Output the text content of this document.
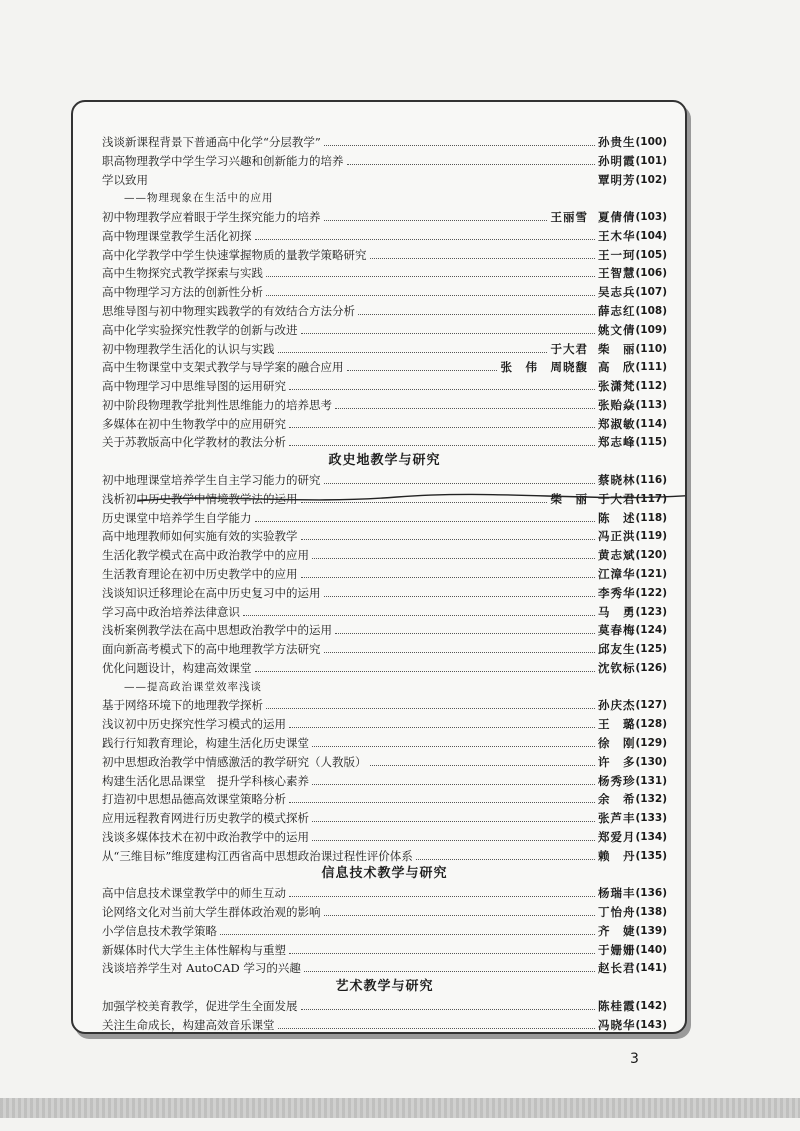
浅谈新课程背景下普通高中化学“分层教学”	孙贵生 (100)
职高物理教学中学生学习兴趣和创新能力的培养	孙明霞 (101)
学以致用	覃明芳 (102)
——物理现象在生活中的应用
初中物理教学应着眼于学生探究能力的培养	王丽雪 夏倩倩 (103)
高中物理课堂教学生活化初探	王木华 (104)
高中化学教学中学生快速掌握物质的量教学策略研究	王一珂 (105)
高中生物探究式教学探索与实践	王智慧 (106)
高中物理学习方法的创新性分析	吴志兵 (107)
思维导图与初中物理实践教学的有效结合方法分析	薛志红 (108)
高中化学实验探究性教学的创新与改进	姚文倩 (109)
初中物理教学生活化的认识与实践	于大君 柴　丽 (110)
高中生物课堂中支架式教学与导学案的融合应用	张　伟　周晓馥 高　欣 (111)
高中物理学习中思维导图的运用研究	张潇梵 (112)
初中阶段物理教学批判性思维能力的培养思考	张贻焱 (113)
多媒体在初中生物教学中的应用研究	郑淑敏 (114)
关于苏教版高中化学教材的教法分析	郑志峰 (115)
政史地教学与研究
初中地理课堂培养学生自主学习能力的研究	蔡晓林 (116)
浅析初中历史教学中情境教学法的运用	柴　丽 于大君 (117)
历史课堂中培养学生自学能力	陈　述 (118)
高中地理教师如何实施有效的实验教学	冯正洪 (119)
生活化教学模式在高中政治教学中的应用	黄志斌 (120)
生活教育理论在初中历史教学中的应用	江漳华 (121)
浅谈知识迁移理论在高中历史复习中的运用	李秀华 (122)
学习高中政治培养法律意识	马　勇 (123)
浅析案例教学法在高中思想政治教学中的运用	莫春梅 (124)
面向新高考模式下的高中地理教学方法研究	邱友生 (125)
优化问题设计，构建高效课堂	沈钦标 (126)
——提高政治课堂效率浅谈
基于网络环境下的地理教学探析	孙庆杰 (127)
浅议初中历史探究性学习模式的运用	王　璐 (128)
践行行知教育理论，构建生活化历史课堂	徐　刚 (129)
初中思想政治教学中情感激活的教学研究（人教版）	许　多 (130)
构建生活化思品课堂　提升学科核心素养	杨秀珍 (131)
打造初中思想品德高效课堂策略分析	余　希 (132)
应用远程教育网进行历史教学的模式探析	张芦丰 (133)
浅谈多媒体技术在初中政治教学中的运用	郑爱月 (134)
从“三维目标”维度建构江西省高中思想政治课过程性评价体系	赖　丹 (135)
信息技术教学与研究
高中信息技术课堂教学中的师生互动	杨瑞丰 (136)
论网络文化对当前大学生群体政治观的影响	丁怡舟 (138)
小学信息技术教学策略	齐　婕 (139)
新媒体时代大学生主体性解构与重塑	于姗姗 (140)
浅谈培养学生对 AutoCAD 学习的兴趣	赵长君 (141)
艺术教学与研究
加强学校美育教学，促进学生全面发展	陈桂霞 (142)
关注生命成长，构建高效音乐课堂	冯晓华 (143)
3
